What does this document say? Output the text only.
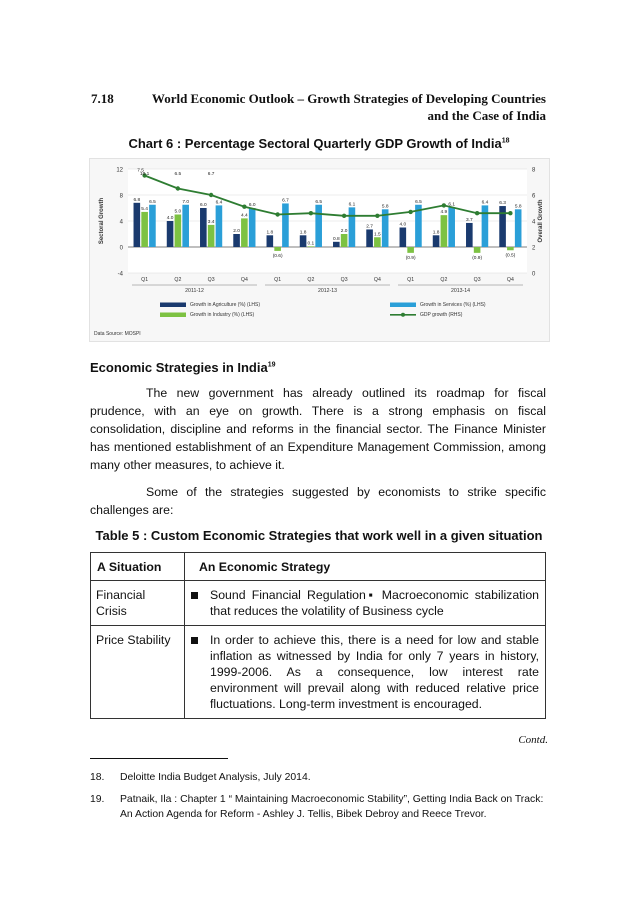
7.18	World Economic Outlook – Growth Strategies of Developing Countries
and the Case of India
Chart 6 : Percentage Sectoral Quarterly GDP Growth of India$^{18}$
-4
0
4
8
12
0
2
4
6
8
Sectoral Growth	Overall Growth
6.8
4.0
6.0
2.0	1.8	1.8
0.8
2.7	4.0
1.8
3.7
6.3
5.4
5.0
3.4
4.4
(0.6)
0.1
2.0
1.5
(0.9)
4.9
(0.9)
(0.5)
6.5	7.0	6.4
6.0
6.7	6.5
6.1	5.8
6.5
6.1	6.4
5.8
7.5
10.1	6.5	6.7
Q1	Q2	Q3	Q4	Q1	Q2	Q3	Q4	Q1	Q2	Q3	Q4
2011-12	2012-13	2013-14
Growth in Agriculture (%) (LHS)
Growth in Industry (%) (LHS)
Growth in Services (%) (LHS)
GDP growth (RHS)
Data Source: MOSPI
Economic Strategies in India$^{19}$
The new government has already outlined its roadmap for fiscal prudence, with an eye on growth. There is a strong emphasis on fiscal consolidation, discipline and reforms in the financial sector. The Finance Minister has mentioned establishment of an Expenditure Management Commission, among many other measures, to achieve it.
Some of the strategies suggested by economists to strike specific challenges are:
Table 5 : Custom Economic Strategies that work well in a given situation
A Situation	An Economic Strategy
Financial Crisis	Sound Financial Regulation▪ Macroeconomic stabilization that reduces the volatility of Business cycle

Price Stability	In order to achieve this, there is a need for low and stable inflation as witnessed by India for only 7 years in history, 1999-2006. As a consequence, low interest rate environment will prevail along with reduced relative price fluctuations. Long-term investment is encouraged.
Contd.
18.	Deloitte India Budget Analysis, July 2014.
19.	Patnaik, Ila : Chapter 1 “ Maintaining Macroeconomic Stability”, Getting India Back on Track: An Action Agenda for Reform - Ashley J. Tellis, Bibek Debroy and Reece Trevor.
